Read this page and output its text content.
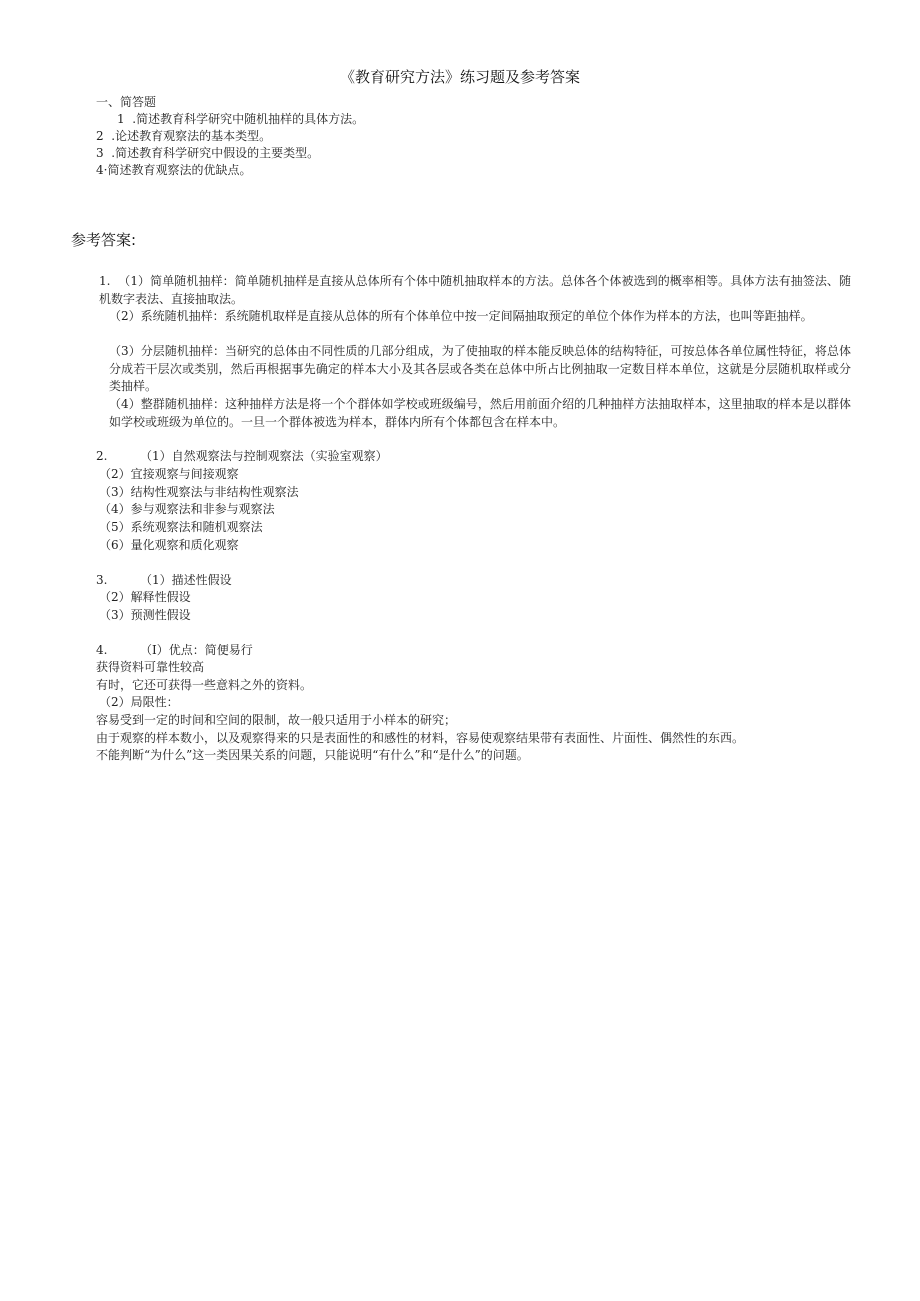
《教育研究方法》练习题及参考答案
一、简答题
1  .简述教育科学研究中随机抽样的具体方法。
2  .论述教育观察法的基本类型。
3  .简述教育科学研究中假设的主要类型。
4·简述教育观察法的优缺点。
参考答案:
1.  （1）简单随机抽样：简单随机抽样是直接从总体所有个体中随机抽取样本的方法。总体各个体被选到的概率相等。具体方法有抽签法、随机数字表法、直接抽取法。
（2）系统随机抽样：系统随机取样是直接从总体的所有个体单位中按一定间隔抽取预定的单位个体作为样本的方法，也叫等距抽样。
（3）分层随机抽样：当研究的总体由不同性质的几部分组成，为了使抽取的样本能反映总体的结构特征，可按总体各单位属性特征，将总体分成若干层次或类别，然后再根据事先确定的样本大小及其各层或各类在总体中所占比例抽取一定数目样本单位，这就是分层随机取样或分类抽样。
（4）整群随机抽样：这种抽样方法是将一个个群体如学校或班级编号，然后用前面介绍的几种抽样方法抽取样本，这里抽取的样本是以群体如学校或班级为单位的。一旦一个群体被选为样本，群体内所有个体都包含在样本中。
2.	（1）自然观察法与控制观察法（实验室观察）
（2）宜接观察与间接观察
（3）结构性观察法与非结构性观察法
（4）参与观察法和非参与观察法
（5）系统观察法和随机观察法
（6）量化观察和质化观察
3.	（1）描述性假设
（2）解释性假设
（3）预测性假设
4.	（I）优点：简便易行
获得资料可靠性较高
有时，它还可获得一些意料之外的资料。
（2）局限性：
容易受到一定的时间和空间的限制，故一般只适用于小样本的研究；
由于观察的样本数小，以及观察得来的只是表面性的和感性的材料，容易使观察结果带有表面性、片面性、偶然性的东西。
不能判断“为什么”这一类因果关系的问题，只能说明“有什么”和“是什么”的问题。
